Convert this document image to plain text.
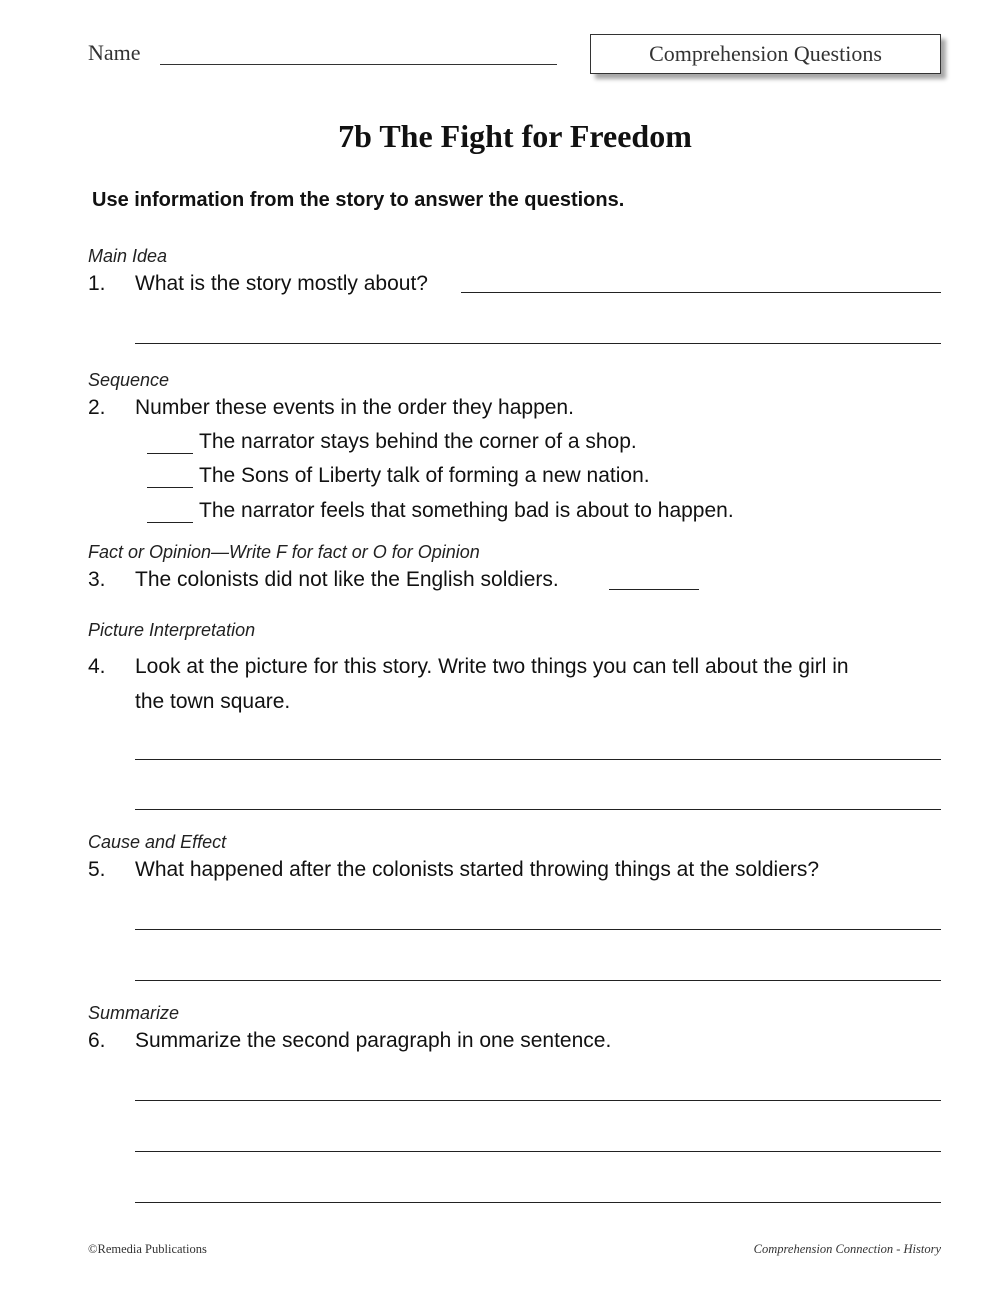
Name	Comprehension Questions
7b The Fight for Freedom
Use information from the story to answer the questions.
Main Idea
1. What is the story mostly about?
Sequence
2. Number these events in the order they happen.
The narrator stays behind the corner of a shop.
The Sons of Liberty talk of forming a new nation.
The narrator feels that something bad is about to happen.
Fact or Opinion—Write F for fact or O for Opinion
3. The colonists did not like the English soldiers.
Picture Interpretation
4. Look at the picture for this story. Write two things you can tell about the girl in
the town square.
Cause and Effect
5. What happened after the colonists started throwing things at the soldiers?
Summarize
6. Summarize the second paragraph in one sentence.
©Remedia Publications	Comprehension Connection - History
